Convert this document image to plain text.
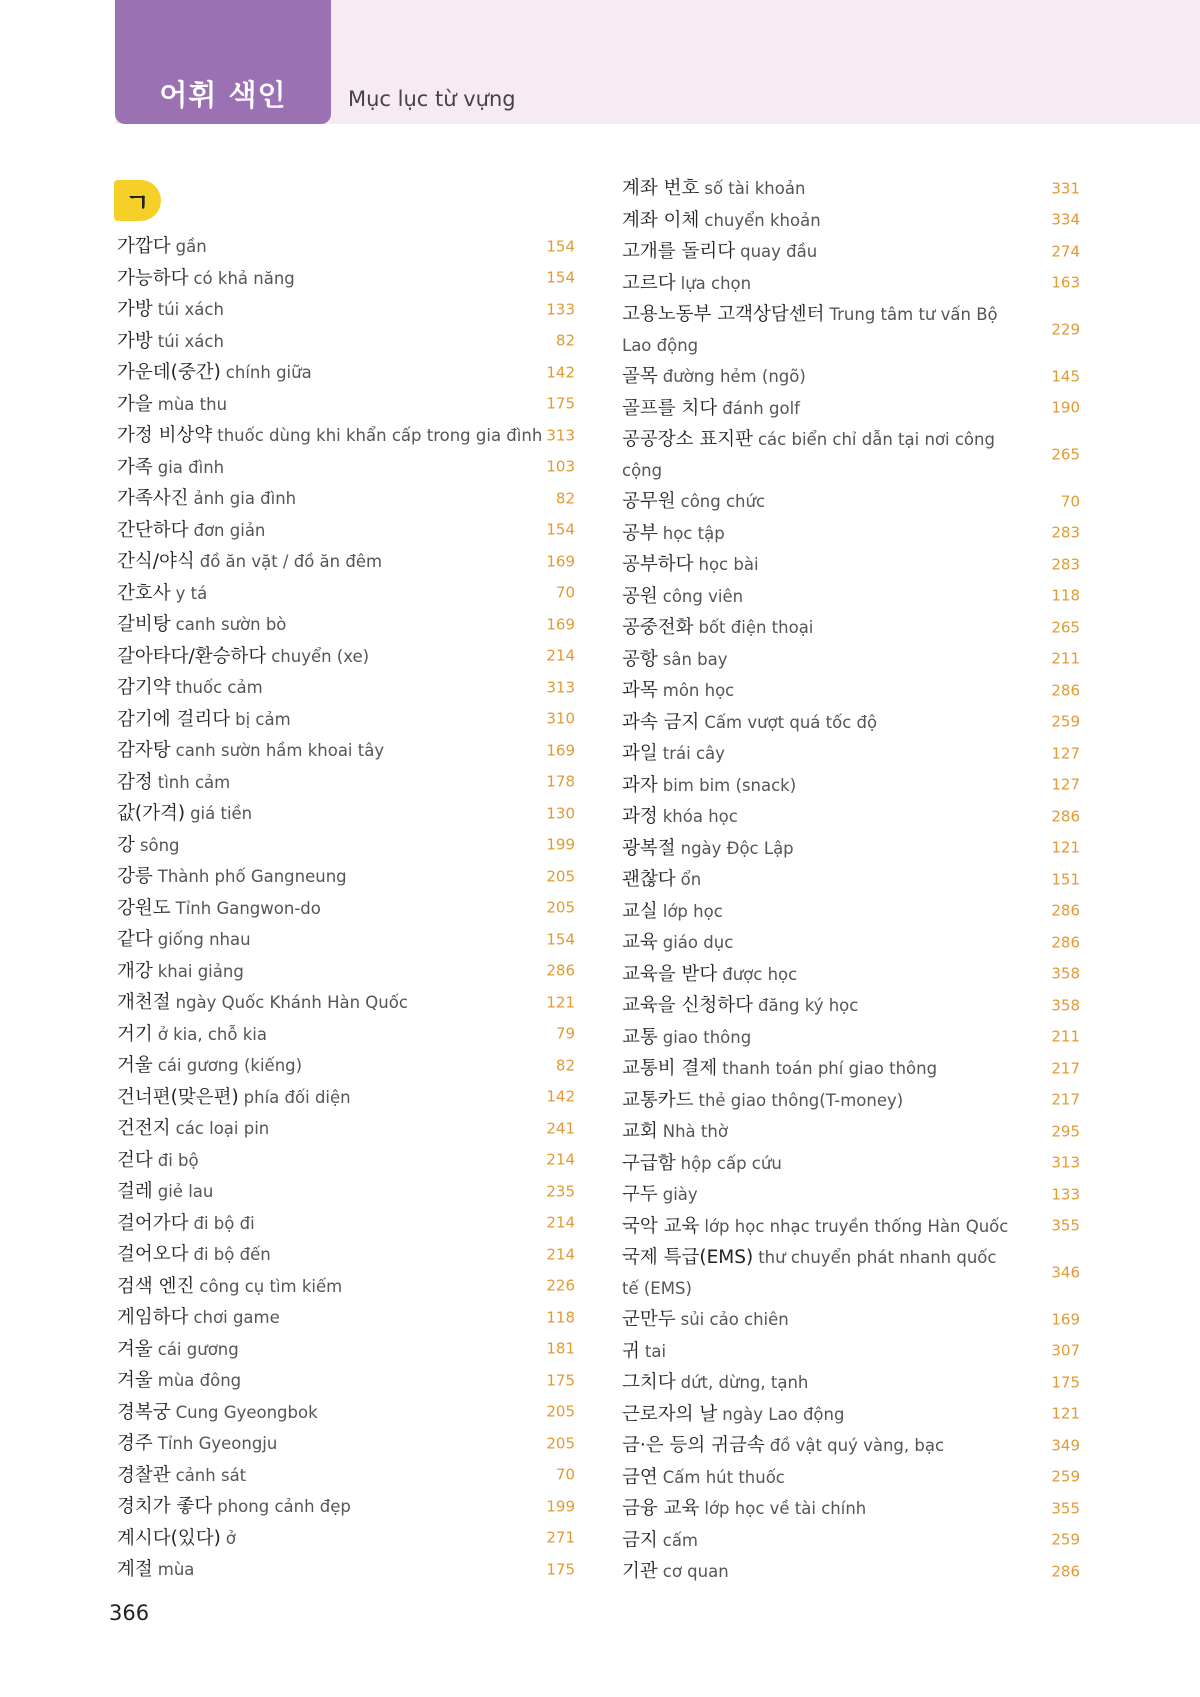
어휘 색인	Mục lục từ vựng
ㄱ
가깝다 gần	154
가능하다 có khả năng	154
가방 túi xách	133
가방 túi xách	82
가운데(중간) chính giữa	142
가을 mùa thu	175
가정 비상약 thuốc dùng khi khẩn cấp trong gia đình 313
가족 gia đình	103
가족사진 ảnh gia đình	82
간단하다 đơn giản	154
간식/야식 đồ ăn vặt / đồ ăn đêm	169
간호사 y tá	70
갈비탕 canh sườn bò	169
갈아타다/환승하다 chuyển (xe)	214
감기약 thuốc cảm	313
감기에 걸리다 bị cảm	310
감자탕 canh sườn hầm khoai tây	169
감정 tình cảm	178
값(가격) giá tiền	130
강 sông	199
강릉 Thành phố Gangneung	205
강원도 Tỉnh Gangwon-do	205
같다 giống nhau	154
개강 khai giảng	286
개천절 ngày Quốc Khánh Hàn Quốc	121
거기 ở kia, chỗ kia	79
거울 cái gương (kiếng)	82
건너편(맞은편) phía đối diện	142
건전지 các loại pin	241
걷다 đi bộ	214
걸레 giẻ lau	235
걸어가다 đi bộ đi	214
걸어오다 đi bộ đến	214
검색 엔진 công cụ tìm kiếm	226
게임하다 chơi game	118
겨울 cái gương	181
겨울 mùa đông	175
경복궁 Cung Gyeongbok	205
경주 Tỉnh Gyeongju	205
경찰관 cảnh sát	70
경치가 좋다 phong cảnh đẹp	199
계시다(있다) ở	271
계절 mùa	175
계좌 번호 số tài khoản	331
계좌 이체 chuyển khoản	334
고개를 돌리다 quay đầu	274
고르다 lựa chọn	163
고용노동부 고객상담센터 Trung tâm tư vấn Bộ Lao động
229
골목 đường hẻm (ngõ)	145
골프를 치다 đánh golf	190
공공장소 표지판 các biển chỉ dẫn tại nơi công cộng
265
공무원 công chức	70
공부 học tập	283
공부하다 học bài	283
공원 công viên	118
공중전화 bốt điện thoại	265
공항 sân bay	211
과목 môn học	286
과속 금지 Cấm vượt quá tốc độ	259
과일 trái cây	127
과자 bim bim (snack)	127
과정 khóa học	286
광복절 ngày Độc Lập	121
괜찮다 ổn	151
교실 lớp học	286
교육 giáo dục	286
교육을 받다 được học	358
교육을 신청하다 đăng ký học	358
교통 giao thông	211
교통비 결제 thanh toán phí giao thông	217
교통카드 thẻ giao thông(T-money)	217
교회 Nhà thờ	295
구급함 hộp cấp cứu	313
구두 giày	133
국악 교육 lớp học nhạc truyền thống Hàn Quốc	355
국제 특급(EMS) thư chuyển phát nhanh quốc tế (EMS)
346
군만두 sủi cảo chiên	169
귀 tai	307
그치다 dứt, dừng, tạnh	175
근로자의 날 ngày Lao động	121
금·은 등의 귀금속 đồ vật quý vàng, bạc	349
금연 Cấm hút thuốc	259
금융 교육 lớp học về tài chính	355
금지 cấm	259
기관 cơ quan	286
366
